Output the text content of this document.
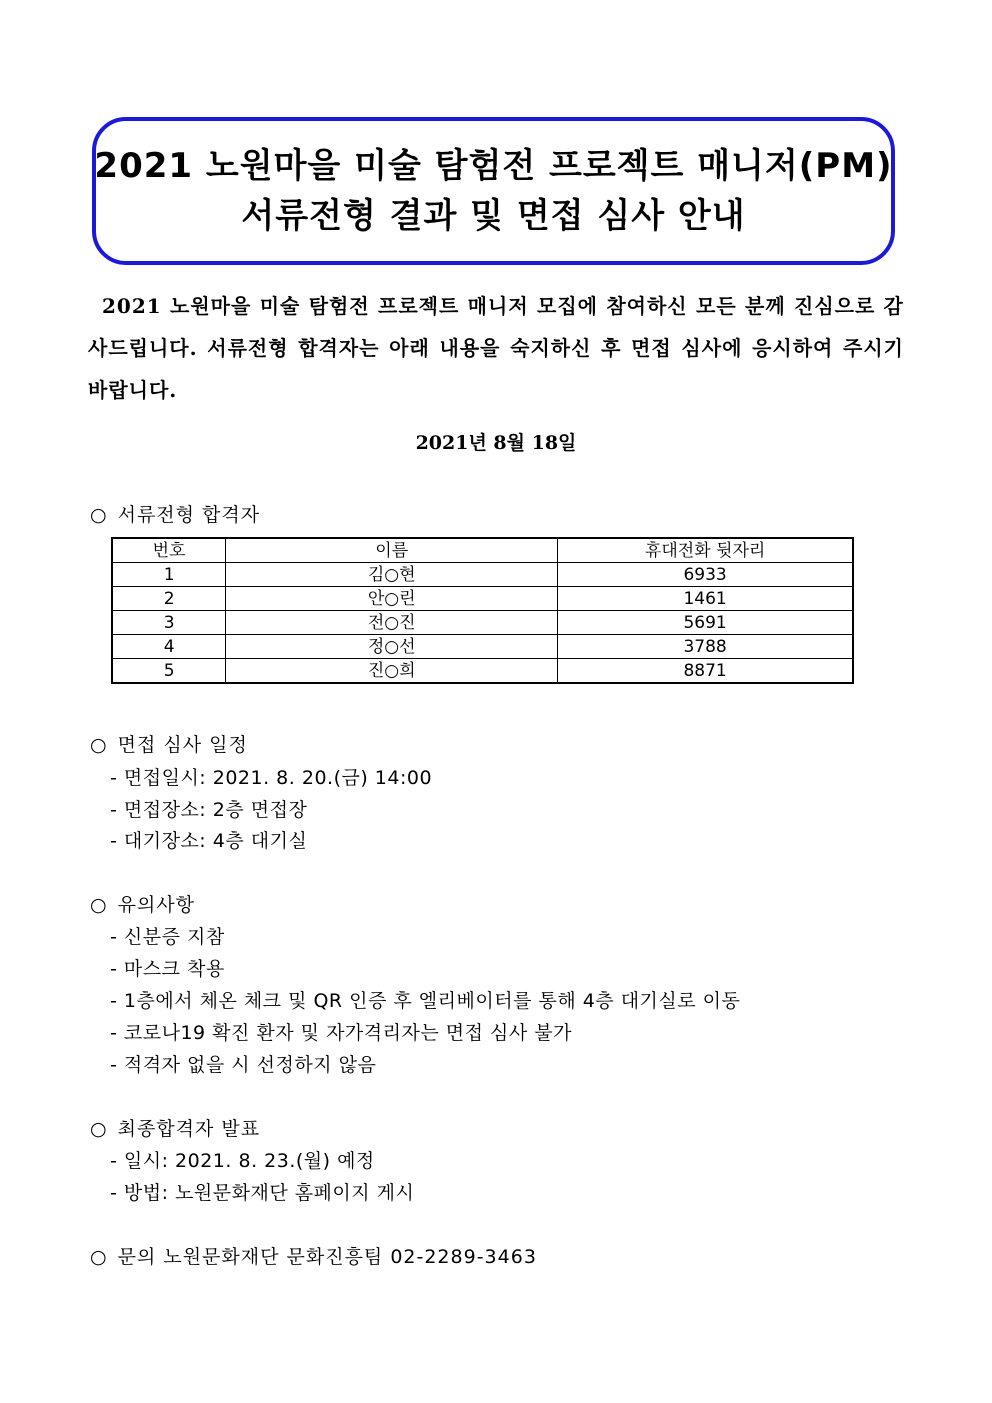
2021 노원마을 미술 탐험전 프로젝트 매니저(PM)
서류전형 결과 및 면접 심사 안내
2021 노원마을 미술 탐험전 프로젝트 매니저 모집에 참여하신 모든 분께 진심으로 감사드립니다. 서류전형 합격자는 아래 내용을 숙지하신 후 면접 심사에 응시하여 주시기 바랍니다.
2021년 8월 18일
○ 서류전형 합격자
번호	이름	휴대전화 뒷자리
1	김○현	6933
2	안○린	1461
3	전○진	5691
4	정○선	3788
5	진○희	8871
○ 면접 심사 일정
- 면접일시: 2021. 8. 20.(금) 14:00
- 면접장소: 2층 면접장
- 대기장소: 4층 대기실
○ 유의사항
- 신분증 지참
- 마스크 착용
- 1층에서 체온 체크 및 QR 인증 후 엘리베이터를 통해 4층 대기실로 이동
- 코로나19 확진 환자 및 자가격리자는 면접 심사 불가
- 적격자 없을 시 선정하지 않음
○ 최종합격자 발표
- 일시: 2021. 8. 23.(월) 예정
- 방법: 노원문화재단 홈페이지 게시
○ 문의 노원문화재단 문화진흥팀 02-2289-3463
